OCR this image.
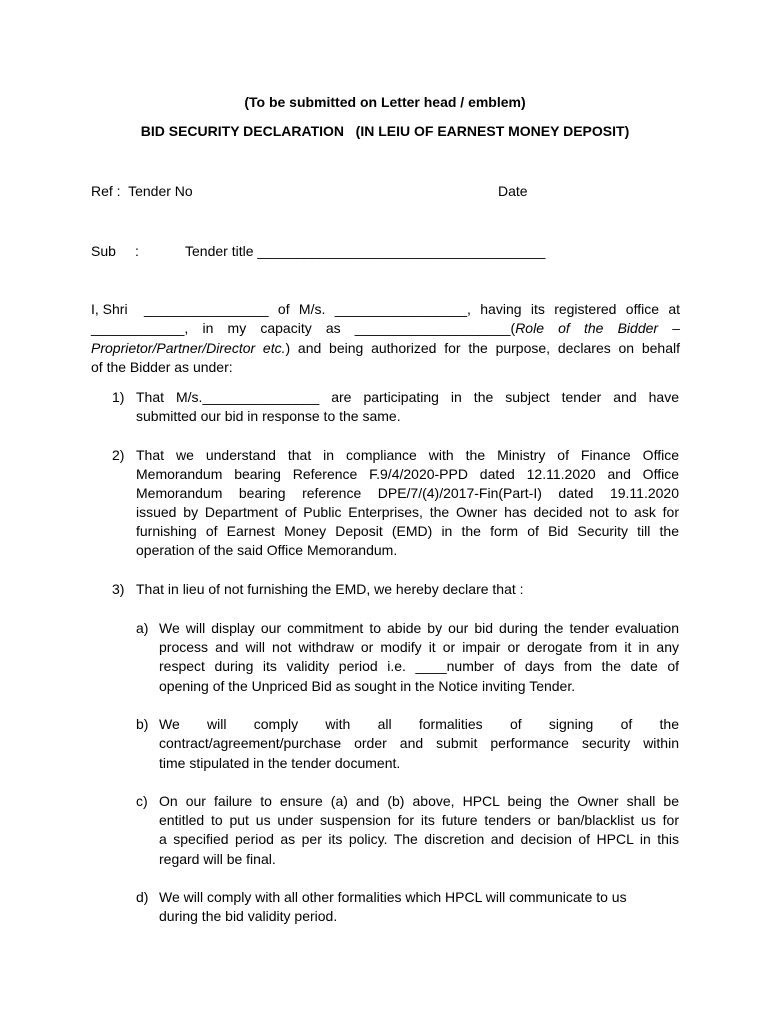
(To be submitted on Letter head / emblem)
BID SECURITY DECLARATION   (IN LEIU OF EARNEST MONEY DEPOSIT)
Ref :  Tender No	Date
Sub :	Tender title _____________________________________
I, Shri ________________ of M/s. _________________, having its registered office at
____________, in my capacity as ____________________(Role of the Bidder –
Proprietor/Partner/Director etc.) and being authorized for the purpose, declares on behalf
of the Bidder as under:
1) That M/s._______________ are participating in the subject tender and have
submitted our bid in response to the same.
2) That we understand that in compliance with the Ministry of Finance Office
Memorandum bearing Reference F.9/4/2020-PPD dated 12.11.2020 and Office
Memorandum bearing reference DPE/7/(4)/2017-Fin(Part-I) dated 19.11.2020
issued by Department of Public Enterprises, the Owner has decided not to ask for
furnishing of Earnest Money Deposit (EMD) in the form of Bid Security till the
operation of the said Office Memorandum.
3) That in lieu of not furnishing the EMD, we hereby declare that :
a) We will display our commitment to abide by our bid during the tender evaluation
process and will not withdraw or modify it or impair or derogate from it in any
respect during its validity period i.e. ____number of days from the date of
opening of the Unpriced Bid as sought in the Notice inviting Tender.
b) We will comply with all formalities of signing of the
contract/agreement/purchase order and submit performance security within
time stipulated in the tender document.
c) On our failure to ensure (a) and (b) above, HPCL being the Owner shall be
entitled to put us under suspension for its future tenders or ban/blacklist us for
a specified period as per its policy. The discretion and decision of HPCL in this
regard will be final.
d) We will comply with all other formalities which HPCL will communicate to us
during the bid validity period.
